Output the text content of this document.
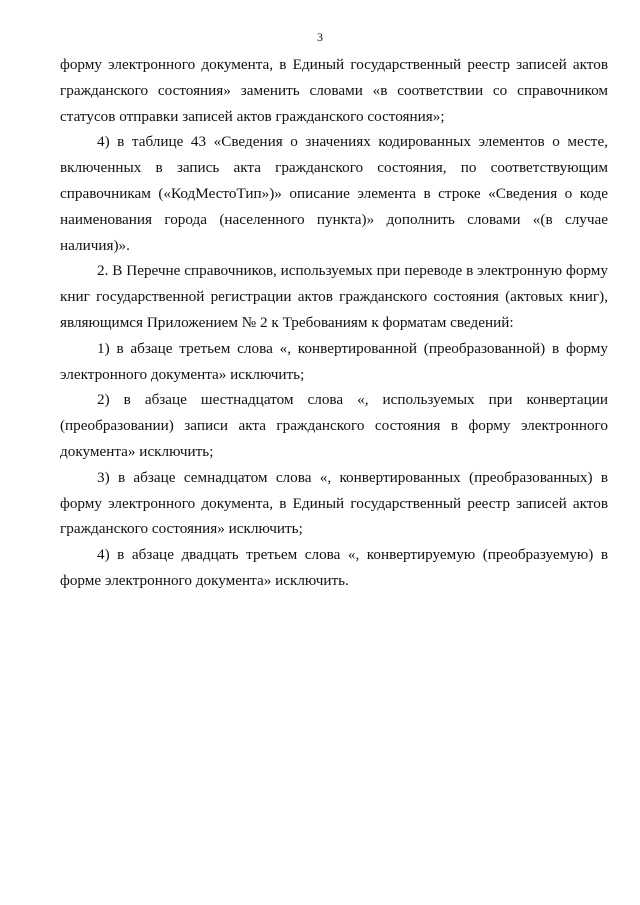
3

формy электронного документа, в Единый государственный реестр записей актов гражданского состояния» заменить словами «в соответствии со справочником статусов отправки записей актов гражданского состояния»;

4) в таблице 43 «Сведения о значениях кодированных элементов о месте, включенных в запись акта гражданского состояния, по соответствующим справочникам («КодМестоТип»)» описание элемента в строке «Сведения о коде наименования города (населенного пункта)» дополнить словами «(в случае наличия)».

2. В Перечне справочников, используемых при переводе в электронную форму книг государственной регистрации актов гражданского состояния (актовых книг), являющимся Приложением № 2 к Требованиям к форматам сведений:

1) в абзаце третьем слова «, конвертированной (преобразованной) в форму электронного документа» исключить;

2) в абзаце шестнадцатом слова «, используемых при конвертации (преобразовании) записи акта гражданского состояния в форму электронного документа» исключить;

3) в абзаце семнадцатом слова «, конвертированных (преобразованных) в форму электронного документа, в Единый государственный реестр записей актов гражданского состояния» исключить;

4) в абзаце двадцать третьем слова «, конвертируемую (преобразуемую) в форме электронного документа» исключить.
